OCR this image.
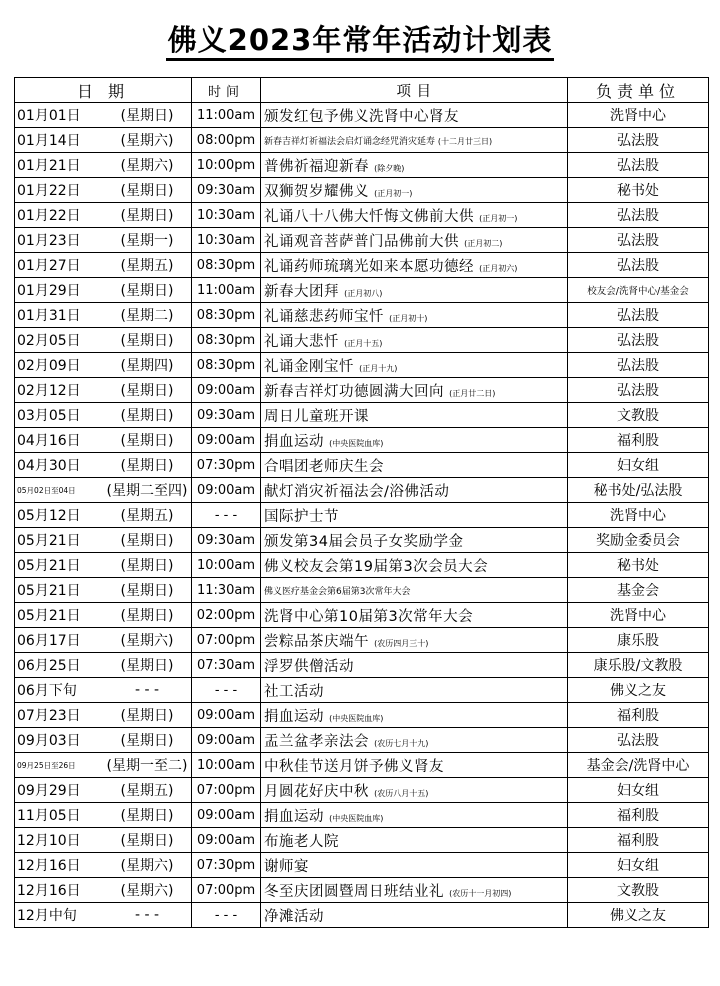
佛义2023年常年活动计划表
日 期		时间	项 目	负责单位
01月01日	(星期日)	11:00am	颁发红包予佛义洗肾中心肾友	洗肾中心
01月14日	(星期六)	08:00pm	新春吉祥灯祈福法会启灯诵念经咒消灾延寿 (十二月廿三日)	弘法股
01月21日	(星期六)	10:00pm	普佛祈福迎新春 (除夕晚)	弘法股
01月22日	(星期日)	09:30am	双狮贺岁耀佛义 (正月初一)	秘书处
01月22日	(星期日)	10:30am	礼诵八十八佛大忏悔文佛前大供 (正月初一)	弘法股
01月23日	(星期一)	10:30am	礼诵观音菩萨普门品佛前大供 (正月初二)	弘法股
01月27日	(星期五)	08:30pm	礼诵药师琉璃光如来本愿功德经 (正月初六)	弘法股
01月29日	(星期日)	11:00am	新春大团拜 (正月初八)	校友会/洗肾中心/基金会
01月31日	(星期二)	08:30pm	礼诵慈悲药师宝忏 (正月初十)	弘法股
02月05日	(星期日)	08:30pm	礼诵大悲忏 (正月十五)	弘法股
02月09日	(星期四)	08:30pm	礼诵金刚宝忏 (正月十九)	弘法股
02月12日	(星期日)	09:00am	新春吉祥灯功德圆满大回向 (正月廿二日)	弘法股
03月05日	(星期日)	09:30am	周日儿童班开课	文教股
04月16日	(星期日)	09:00am	捐血运动 (中央医院血库)	福利股
04月30日	(星期日)	07:30pm	合唱团老师庆生会	妇女组
05月02日至04日	(星期二至四)	09:00am	献灯消灾祈福法会/浴佛活动	秘书处/弘法股
05月12日	(星期五)	- - -	国际护士节	洗肾中心
05月21日	(星期日)	09:30am	颁发第34届会员子女奖励学金	奖励金委员会
05月21日	(星期日)	10:00am	佛义校友会第19届第3次会员大会	秘书处
05月21日	(星期日)	11:30am	佛义医疗基金会第6届第3次常年大会	基金会
05月21日	(星期日)	02:00pm	洗肾中心第10届第3次常年大会	洗肾中心
06月17日	(星期六)	07:00pm	尝粽品茶庆端午 (农历四月三十)	康乐股
06月25日	(星期日)	07:30am	浮罗供僧活动	康乐股/文教股
06月下旬	- - -	- - -	社工活动	佛义之友
07月23日	(星期日)	09:00am	捐血运动 (中央医院血库)	福利股
09月03日	(星期日)	09:00am	盂兰盆孝亲法会 (农历七月十九)	弘法股
09月25日至26日	(星期一至二)	10:00am	中秋佳节送月饼予佛义肾友	基金会/洗肾中心
09月29日	(星期五)	07:00pm	月圆花好庆中秋 (农历八月十五)	妇女组
11月05日	(星期日)	09:00am	捐血运动 (中央医院血库)	福利股
12月10日	(星期日)	09:00am	布施老人院	福利股
12月16日	(星期六)	07:30pm	谢师宴	妇女组
12月16日	(星期六)	07:00pm	冬至庆团圆暨周日班结业礼 (农历十一月初四)	文教股
12月中旬	- - -	- - -	净滩活动	佛义之友
